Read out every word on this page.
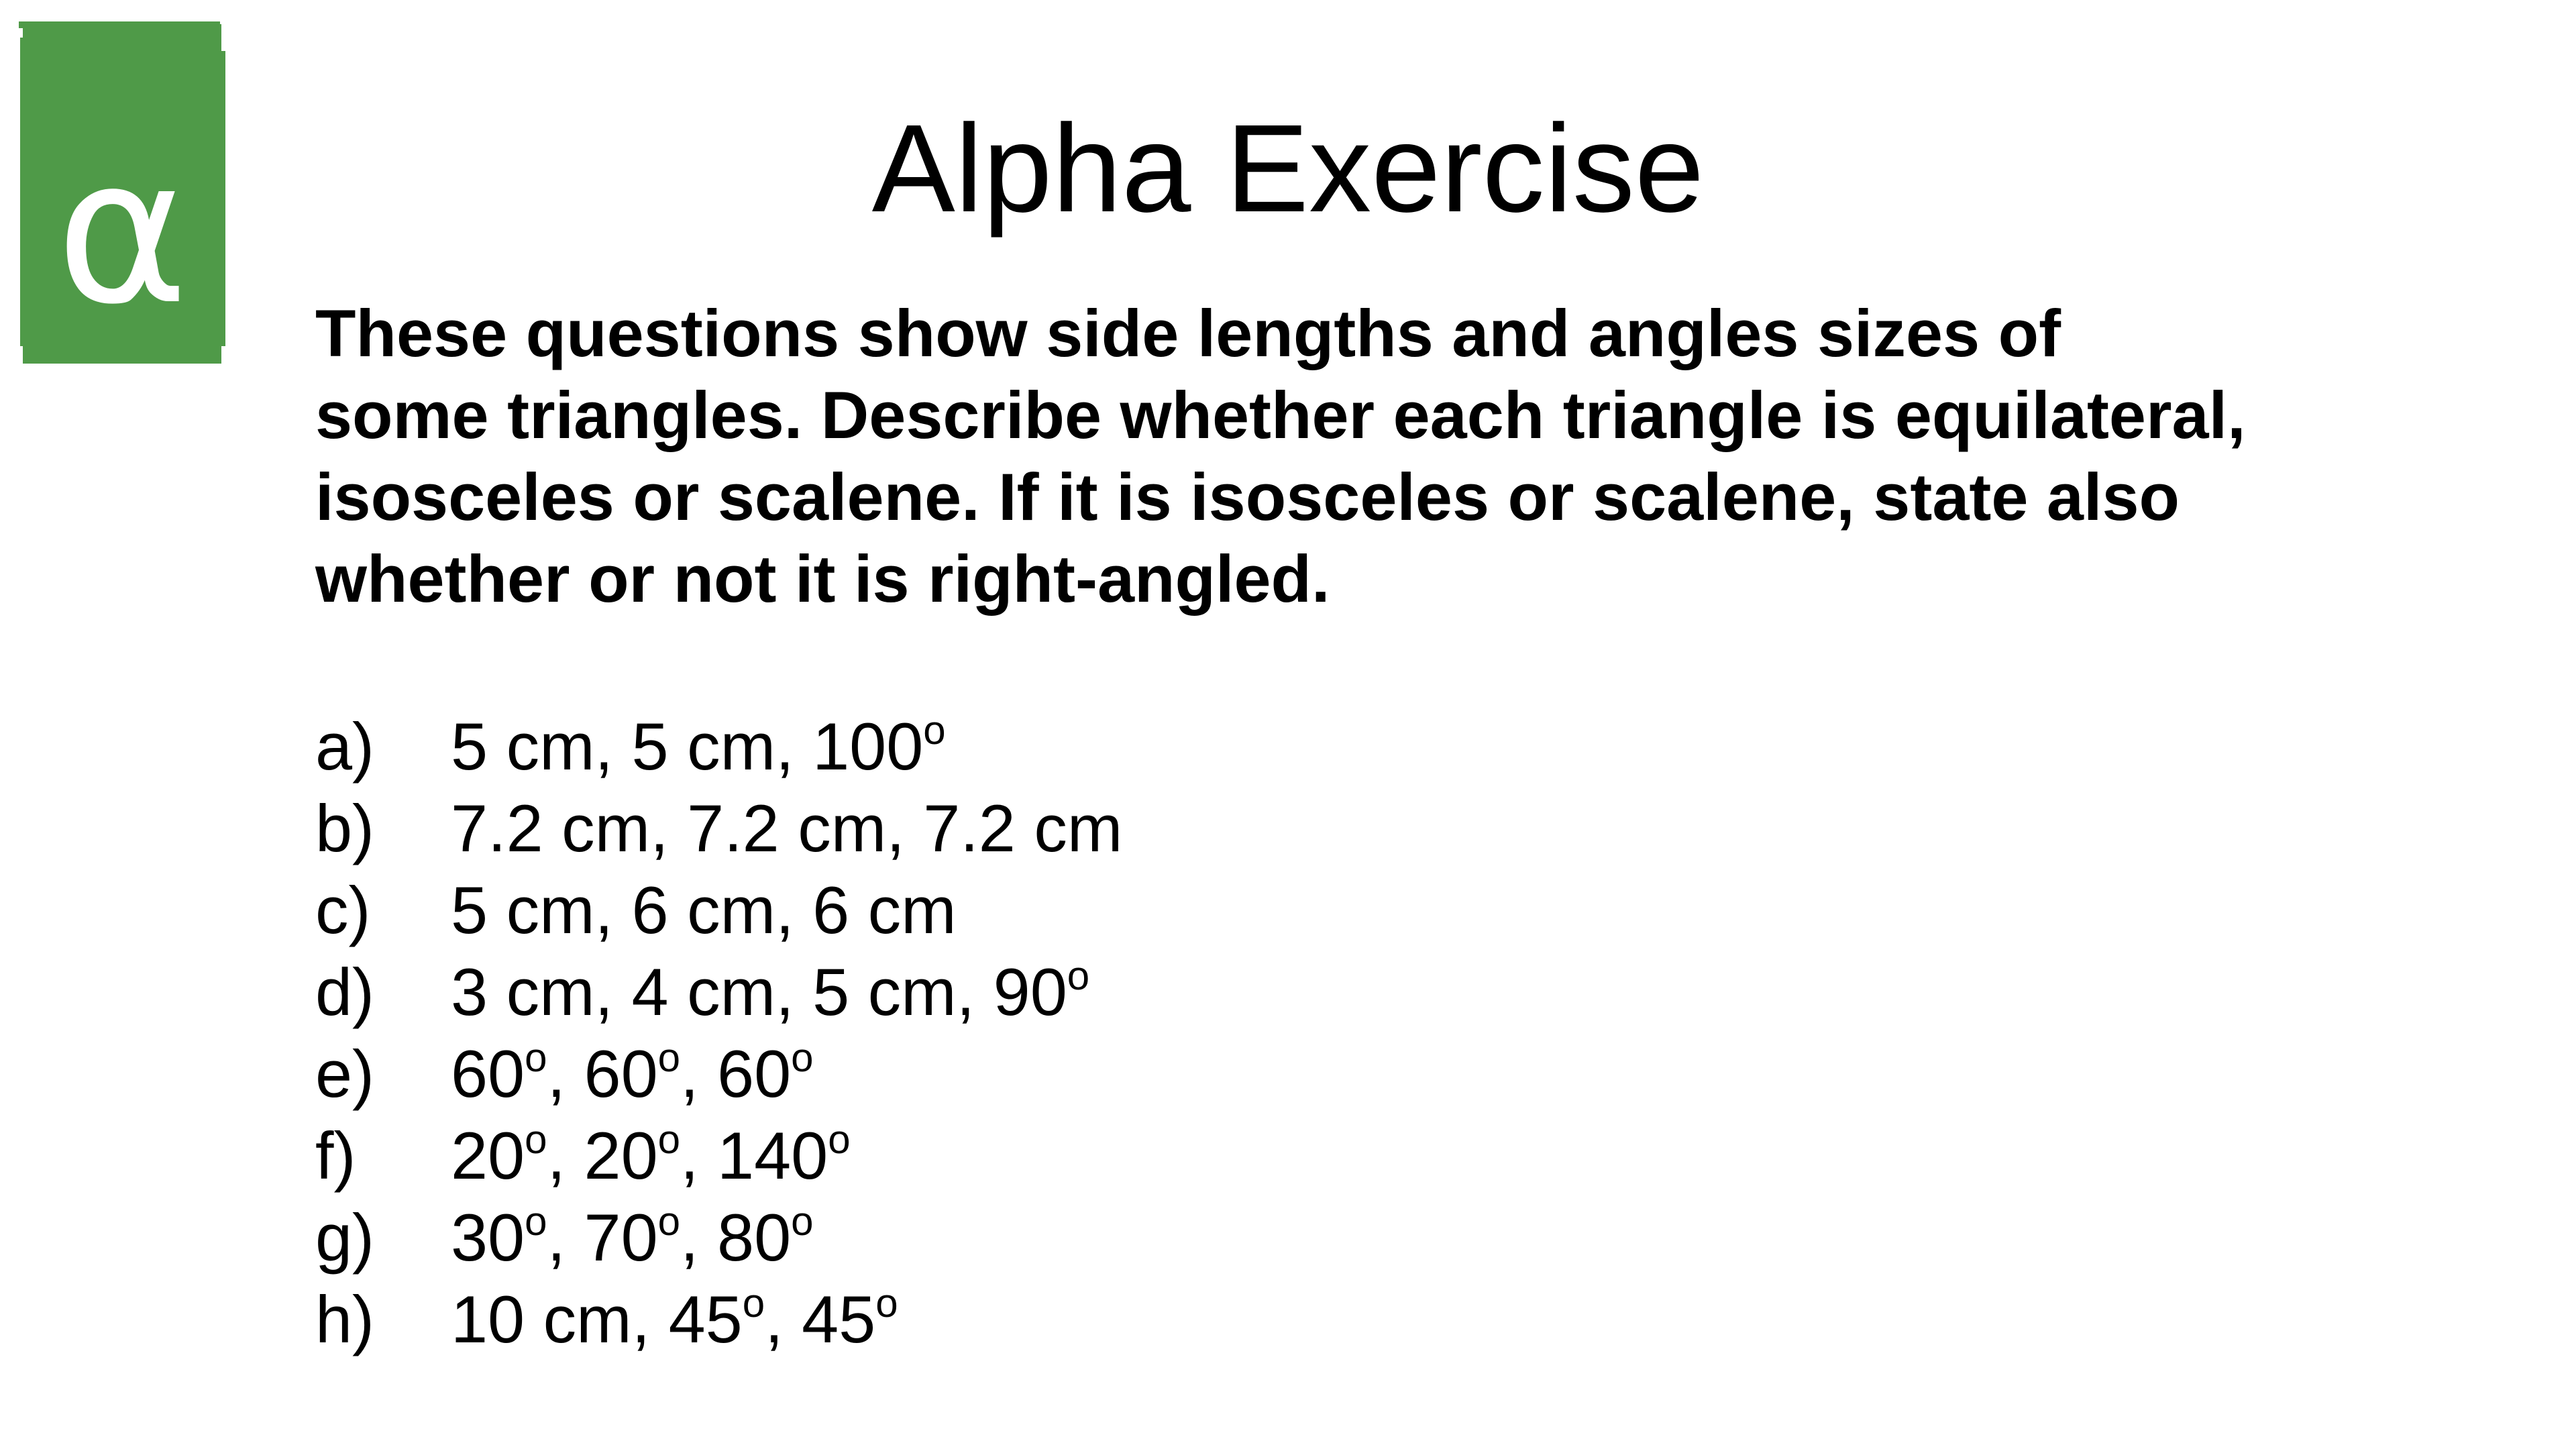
α	Alpha Exercise
These questions show side lengths and angles sizes of
some triangles. Describe whether each triangle is equilateral,
isosceles or scalene. If it is isosceles or scalene, state also
whether or not it is right-angled.
a)	5 cm, 5 cm, 100$^o$
b)	7.2 cm, 7.2 cm, 7.2 cm
c)	5 cm, 6 cm, 6 cm
d)	3 cm, 4 cm, 5 cm, 90$^o$
e)	60$^o$, 60$^o$, 60$^o$
f)	20$^o$, 20$^o$, 140$^o$
g)	30$^o$, 70$^o$, 80$^o$
h)	10 cm, 45$^o$, 45$^o$
